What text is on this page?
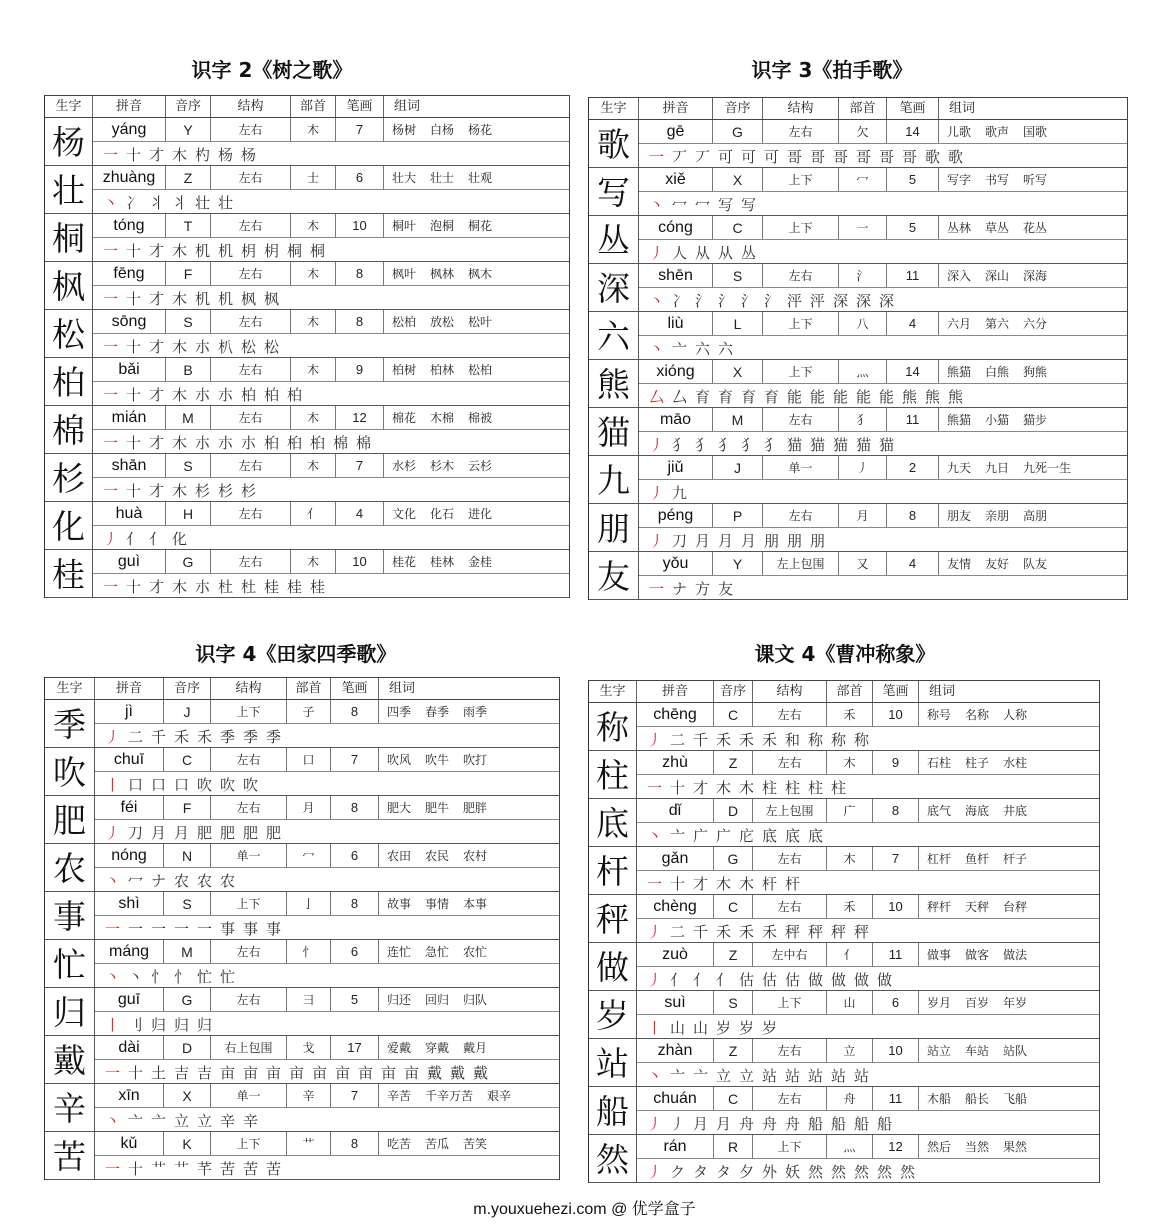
识字 2《树之歌》
生字	拼音	音序	结构	部首	笔画	组词
杨	yáng	Y	左右	木	7	杨树 白杨 杨花
一 十 才 木 杓 杨 杨
壮	zhuàng	Z	左右	士	6	壮大 壮士 壮观
丶 冫 丬 丬 壮 壮
桐	tóng	T	左右	木	10	桐叶 泡桐 桐花
一 十 才 木 机 机 枂 枂 桐 桐
枫	fēng	F	左右	木	8	枫叶 枫林 枫木
一 十 才 木 机 机 枫 枫
松	sōng	S	左右	木	8	松柏 放松 松叶
一 十 才 木 朩 朳 松 松
柏	bǎi	B	左右	木	9	柏树 柏林 松柏
一 十 才 木 朩 朩 柏 柏 柏
棉	mián	M	左右	木	12	棉花 木棉 棉被
一 十 才 木 朩 朩 朩 桕 桕 桕 棉 棉
杉	shān	S	左右	木	7	水杉 杉木 云杉
一 十 才 木 杉 杉 杉
化	huà	H	左右	亻	4	文化 化石 进化
丿 亻 亻 化
桂	guì	G	左右	木	10	桂花 桂林 金桂
一 十 才 木 朩 杜 杜 桂 桂 桂
识字 3《拍手歌》
生字	拼音	音序	结构	部首	笔画	组词
歌	gē	G	左右	欠	14	儿歌 歌声 国歌
一 丆 丆 可 可 可 哥 哥 哥 哥 哥 哥 歌 歌
写	xiě	X	上下	冖	5	写字 书写 听写
丶 冖 冖 写 写
丛	cóng	C	上下	一	5	丛林 草丛 花丛
丿 人 从 从 丛
深	shēn	S	左右	氵	11	深入 深山 深海
丶 冫 氵 氵 氵 氵 泙 泙 深 深 深
六	liù	L	上下	八	4	六月 第六 六分
丶 亠 六 六
熊	xióng	X	上下	灬	14	熊猫 白熊 狗熊
厶 厶 育 育 育 育 能 能 能 能 能 熊 熊 熊
猫	māo	M	左右	犭	11	熊猫 小猫 猫步
丿 犭 犭 犭 犭 犭 猫 猫 猫 猫 猫
九	jiǔ	J	单一	丿	2	九天 九日 九死一生
丿 九
朋	péng	P	左右	月	8	朋友 亲朋 高朋
丿 刀 月 月 月 朋 朋 朋
友	yǒu	Y	左上包围	又	4	友情 友好 队友
一 ナ 方 友
识字 4《田家四季歌》
生字	拼音	音序	结构	部首	笔画	组词
季	jì	J	上下	子	8	四季 春季 雨季
丿 二 千 禾 禾 季 季 季
吹	chuī	C	左右	口	7	吹风 吹牛 吹打
丨 口 口 口 吹 吹 吹
肥	féi	F	左右	月	8	肥大 肥牛 肥胖
丿 刀 月 月 肥 肥 肥 肥
农	nóng	N	单一	冖	6	农田 农民 农村
丶 冖 ナ 农 农 农
事	shì	S	上下	亅	8	故事 事情 本事
一 一 一 一 一 事 事 事
忙	máng	M	左右	忄	6	连忙 急忙 农忙
丶 丶 忄 忄 忙 忙
归	guī	G	左右	彐	5	归还 回归 归队
丨 刂 归 归 归
戴	dài	D	右上包围	戈	17	爱戴 穿戴 戴月
一 十 土 吉 吉 亩 亩 亩 亩 亩 亩 亩 亩 亩 戴 戴 戴
辛	xīn	X	单一	辛	7	辛苦 千辛万苦 艰辛
丶 亠 亠 立 立 辛 辛
苦	kǔ	K	上下	艹	8	吃苦 苦瓜 苦笑
一 十 艹 艹 芊 苦 苦 苦
课文 4《曹冲称象》
生字	拼音	音序	结构	部首	笔画	组词
称	chēng	C	左右	禾	10	称号 名称 人称
丿 二 千 禾 禾 禾 和 称 称 称
柱	zhù	Z	左右	木	9	石柱 柱子 水柱
一 十 才 木 木 柱 柱 柱 柱
底	dǐ	D	左上包围	广	8	底气 海底 井底
丶 亠 广 广 庀 底 底 底
杆	gǎn	G	左右	木	7	杠杆 鱼杆 杆子
一 十 才 木 木 杆 杆
秤	chèng	C	左右	禾	10	秤杆 天秤 台秤
丿 二 千 禾 禾 禾 秤 秤 秤 秤
做	zuò	Z	左中右	亻	11	做事 做客 做法
丿 亻 亻 亻 估 估 估 做 做 做 做
岁	suì	S	上下	山	6	岁月 百岁 年岁
丨 山 山 岁 岁 岁
站	zhàn	Z	左右	立	10	站立 车站 站队
丶 亠 亠 立 立 站 站 站 站 站
船	chuán	C	左右	舟	11	木船 船长 飞船
丿 丿 月 月 舟 舟 舟 船 船 船 船
然	rán	R	上下	灬	12	然后 当然 果然
丿 ク タ タ 夕 外 妖 然 然 然 然 然
m.youxuehezi.com @ 优学盒子
